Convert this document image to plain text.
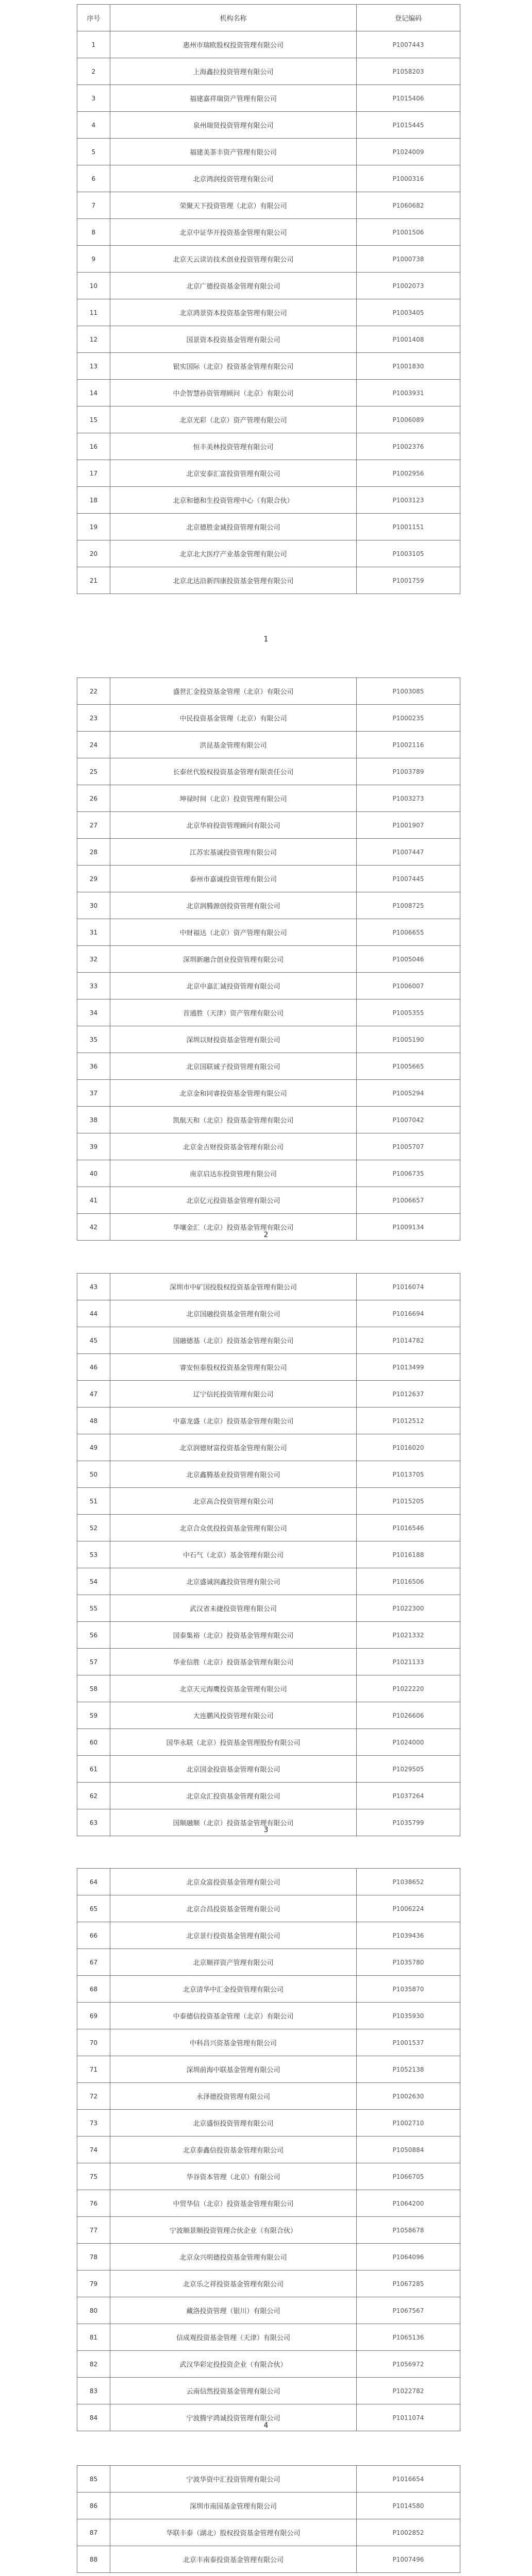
序号	机构名称	登记编码
1	惠州市瑞欧股权投资管理有限公司	P1007443
2	上海鑫拉投资管理有限公司	P1058203
3	福建嘉祥瑞资产管理有限公司	P1015406
4	泉州瑞贤投资管理有限公司	P1015445
5	福建美茶丰资产管理有限公司	P1024009
6	北京鸿润投资管理有限公司	P1000316
7	荣聚天下投资管理（北京）有限公司	P1060682
8	北京中证华开投资基金管理有限公司	P1001506
9	北京天云读访技术创业投资管理有限公司	P1000738
10	北京广德投资基金管理有限公司	P1002073
11	北京鸿景资本投资基金管理有限公司	P1003405
12	国景资本投资基金管理有限公司	P1001408
13	银实国际（北京）投资基金管理有限公司	P1001830
14	中企智慧孙资管理顾问（北京）有限公司	P1003931
15	北京光彩（北京）资产管理有限公司	P1006089
16	恒丰美林投资管理有限公司	P1002376
17	北京安泰汇富投资管理有限公司	P1002956
18	北京和德和生投资管理中心（有限合伙）	P1003123
19	北京德胜金诚投资管理有限公司	P1001151
20	北京北大医疗产业基金管理有限公司	P1003105
21	北京北达沿新四康投资基金管理有限公司	P1001759
1
22	盛世汇金投资基金管理（北京）有限公司	P1003085
23	中民投资基金管理（北京）有限公司	P1000235
24	洪昆基金管理有限公司	P1002116
25	长泰丝代股权投资基金管理有限责任公司	P1003789
26	坤禄时间（北京）投资管理有限公司	P1003273
27	北京华府投资管理顾问有限公司	P1001907
28	江苏宏基诚投资管理有限公司	P1007447
29	泰州市嘉诚投资管理有限公司	P1007445
30	北京润腾源创投资管理有限公司	P1008725
31	中财福达（北京）资产管理有限公司	P1006655
32	深圳新融合创业投资管理有限公司	P1005046
33	北京中嘉汇诚投资管理有限公司	P1006007
34	首通胜（天津）资产管理有限公司	P1005355
35	深圳以财投资基金管理有限公司	P1005190
36	北京国联诚子投资管理有限公司	P1005665
37	北京金和同睿投资基金管理有限公司	P1005294
38	凯航天和（北京）投资基金管理有限公司	P1007042
39	北京金吉财投资基金管理有限公司	P1005707
40	南京启达东投资管理有限公司	P1006735
41	北京亿元投资基金管理有限公司	P1006657
42	华壤金汇（北京）投资基金管理有限公司	P1009134
2
43	深圳市中矿国投股权投资基金管理有限公司	P1016074
44	北京国融投资基金管理有限公司	P1016694
45	国融德基（北京）投资基金管理有限公司	P1014782
46	睿安恒泰股权投资基金管理有限公司	P1013499
47	辽宁信托投资管理有限公司	P1012637
48	中嘉龙盛（北京）投资基金管理有限公司	P1012512
49	北京润德财富投资基金管理有限公司	P1016020
50	北京鑫腾基业投资管理有限公司	P1013705
51	北京高合投资管理有限公司	P1015205
52	北京合众优投投资基金管理有限公司	P1016546
53	中石气（北京）基金管理有限公司	P1016188
54	北京盛诚润鑫投资管理有限公司	P1016506
55	武汉省未捷投资管理有限公司	P1022300
56	国泰集裕（北京）投资基金管理有限公司	P1021332
57	华业信胜（北京）投资基金管理有限公司	P1021133
58	北京天元海鹰投资基金管理有限公司	P1022220
59	大连鹏风投资管理有限公司	P1026606
60	国华永联（北京）投资基金管理股份有限公司	P1024000
61	北京国金投资基金管理有限公司	P1029505
62	北京众汇投资基金管理有限公司	P1037264
63	国顺融顺（北京）投资基金管理有限公司	P1035799
3
64	北京众富投资基金管理有限公司	P1038652
65	北京合昌投资基金管理有限公司	P1006224
66	北京景行投资基金管理有限公司	P1039436
67	北京顺祥资产管理有限公司	P1035780
68	北京清华中汇金投资管理有限公司	P1035870
69	中泰德信投资基金管理（北京）有限公司	P1035930
70	中科昌兴资基金管理有限公司	P1001537
71	深圳前海中联基金管理有限公司	P1052138
72	永泽德投资管理有限公司	P1002630
73	北京盛恒投资管理有限公司	P1002710
74	北京泰鑫信投资基金管理有限公司	P1050884
75	华谷资本管理（北京）有限公司	P1066705
76	中贸华信（北京）投资基金管理有限公司	P1064200
77	宁波顺景顺投资管理合伙企业（有限合伙）	P1058678
78	北京众兴明德投资基金管理有限公司	P1064096
79	北京乐之祥投资基金管理有限公司	P1067285
80	藏洛投资管理（银川）有限公司	P1067567
81	信成观投资基金管理（天津）有限公司	P1065136
82	武汉华彩定投投资企业（有限合伙）	P1056972
83	云南信然投资基金管理有限公司	P1022782
84	宁波腾宇鸿诚投资管理有限公司	P1011074
4
85	宁波华资中汇投资管理有限公司	P1016654
86	深圳市南园基金管理有限公司	P1014580
87	华联丰泰（湖北）股权投资基金管理有限公司	P1002852
88	北京丰南泰投资基金管理有限公司	P1007496
